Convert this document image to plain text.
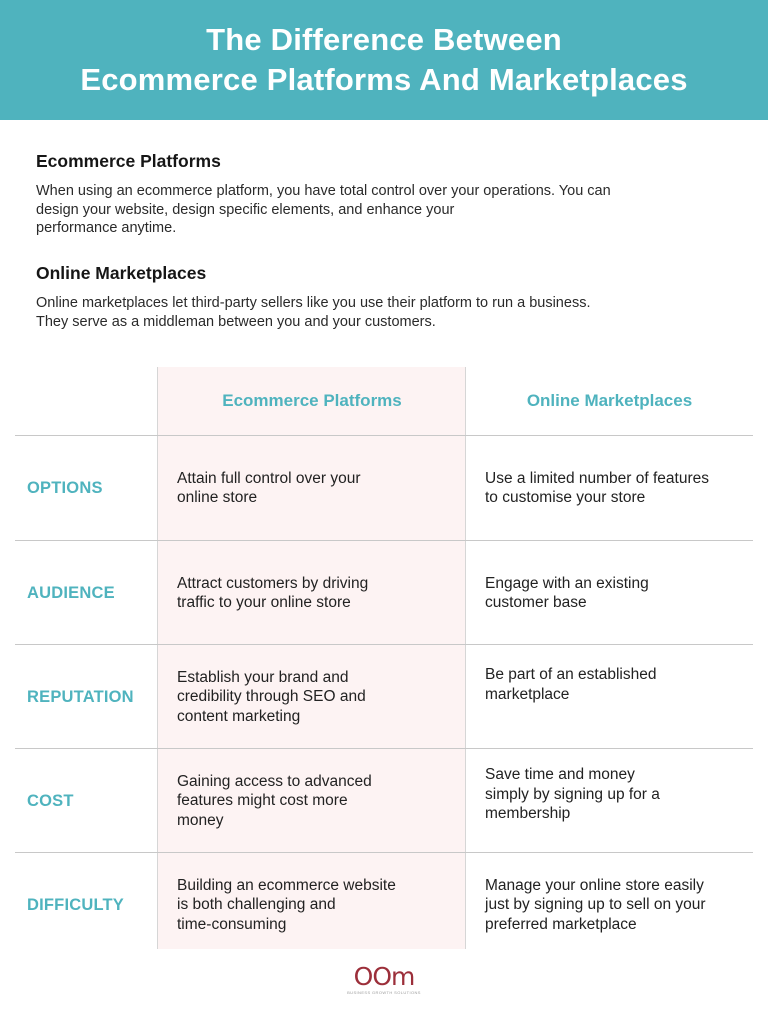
The Difference Between
Ecommerce Platforms And Marketplaces
Ecommerce Platforms

When using an ecommerce platform, you have total control over your operations. You can
design your website, design specific elements, and enhance your
performance anytime.

Online Marketplaces

Online marketplaces let third-party sellers like you use their platform to run a business.
They serve as a middleman between you and your customers.

Ecommerce Platforms	Online Marketplaces
OPTIONS
Attain full control over your
online store
Use a limited number of features
to customise your store
AUDIENCE
Attract customers by driving
traffic to your online store
Engage with an existing
customer base
REPUTATION
Establish your brand and
credibility through SEO and
content marketing
Be part of an established
marketplace
COST
Gaining access to advanced
features might cost more
money
Save time and money
simply by signing up for a
membership
DIFFICULTY
Building an ecommerce website
is both challenging and
time-consuming
Manage your online store easily
just by signing up to sell on your
preferred marketplace
OOm
BUSINESS GROWTH SOLUTIONS
